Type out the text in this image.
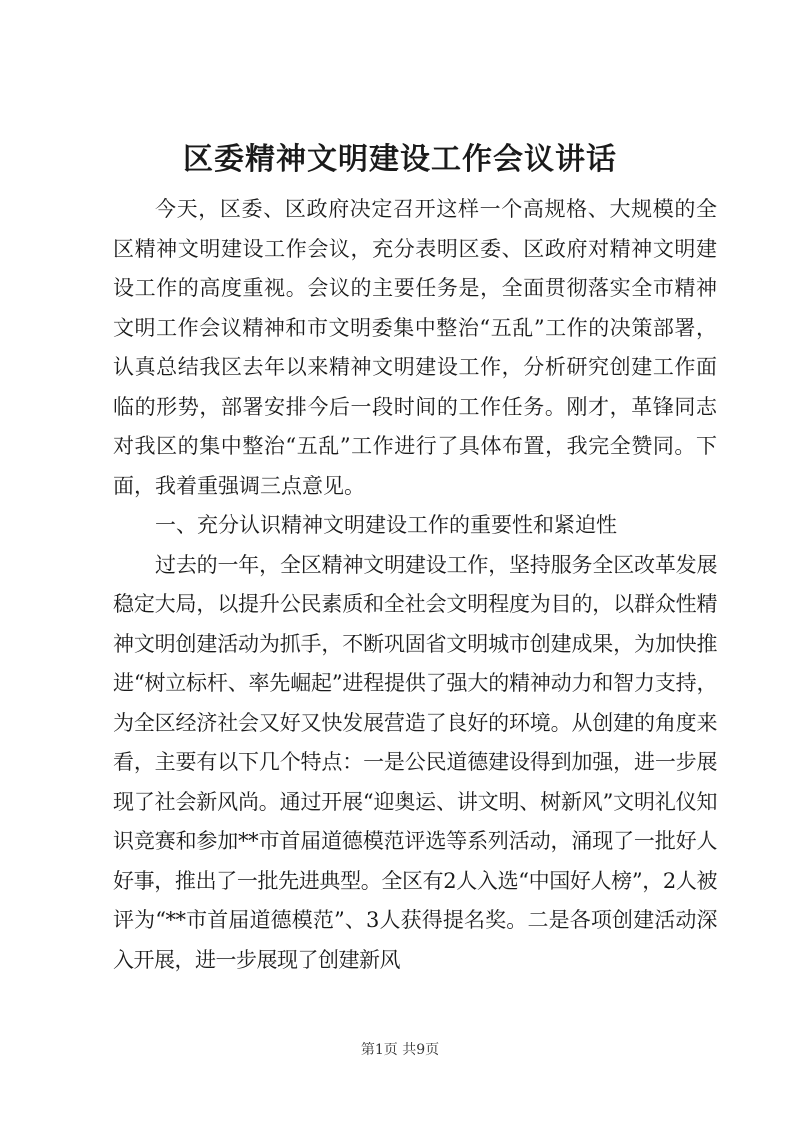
区委精神文明建设工作会议讲话

今天，区委、区政府决定召开这样一个高规格、大规模的全区精神文明建设工作会议，充分表明区委、区政府对精神文明建设工作的高度重视。会议的主要任务是，全面贯彻落实全市精神文明工作会议精神和市文明委集中整治“五乱”工作的决策部署，认真总结我区去年以来精神文明建设工作，分析研究创建工作面临的形势，部署安排今后一段时间的工作任务。刚才，革锋同志对我区的集中整治“五乱”工作进行了具体布置，我完全赞同。下面，我着重强调三点意见。

一、充分认识精神文明建设工作的重要性和紧迫性

过去的一年，全区精神文明建设工作，坚持服务全区改革发展稳定大局，以提升公民素质和全社会文明程度为目的，以群众性精神文明创建活动为抓手，不断巩固省文明城市创建成果，为加快推进“树立标杆、率先崛起”进程提供了强大的精神动力和智力支持，为全区经济社会又好又快发展营造了良好的环境。从创建的角度来看，主要有以下几个特点：一是公民道德建设得到加强，进一步展现了社会新风尚。通过开展“迎奥运、讲文明、树新风”文明礼仪知识竞赛和参加**市首届道德模范评选等系列活动，涌现了一批好人好事，推出了一批先进典型。全区有2人入选“中国好人榜”，2人被评为“**市首届道德模范”、3人获得提名奖。二是各项创建活动深入开展，进一步展现了创建新风

第1页 共9页
